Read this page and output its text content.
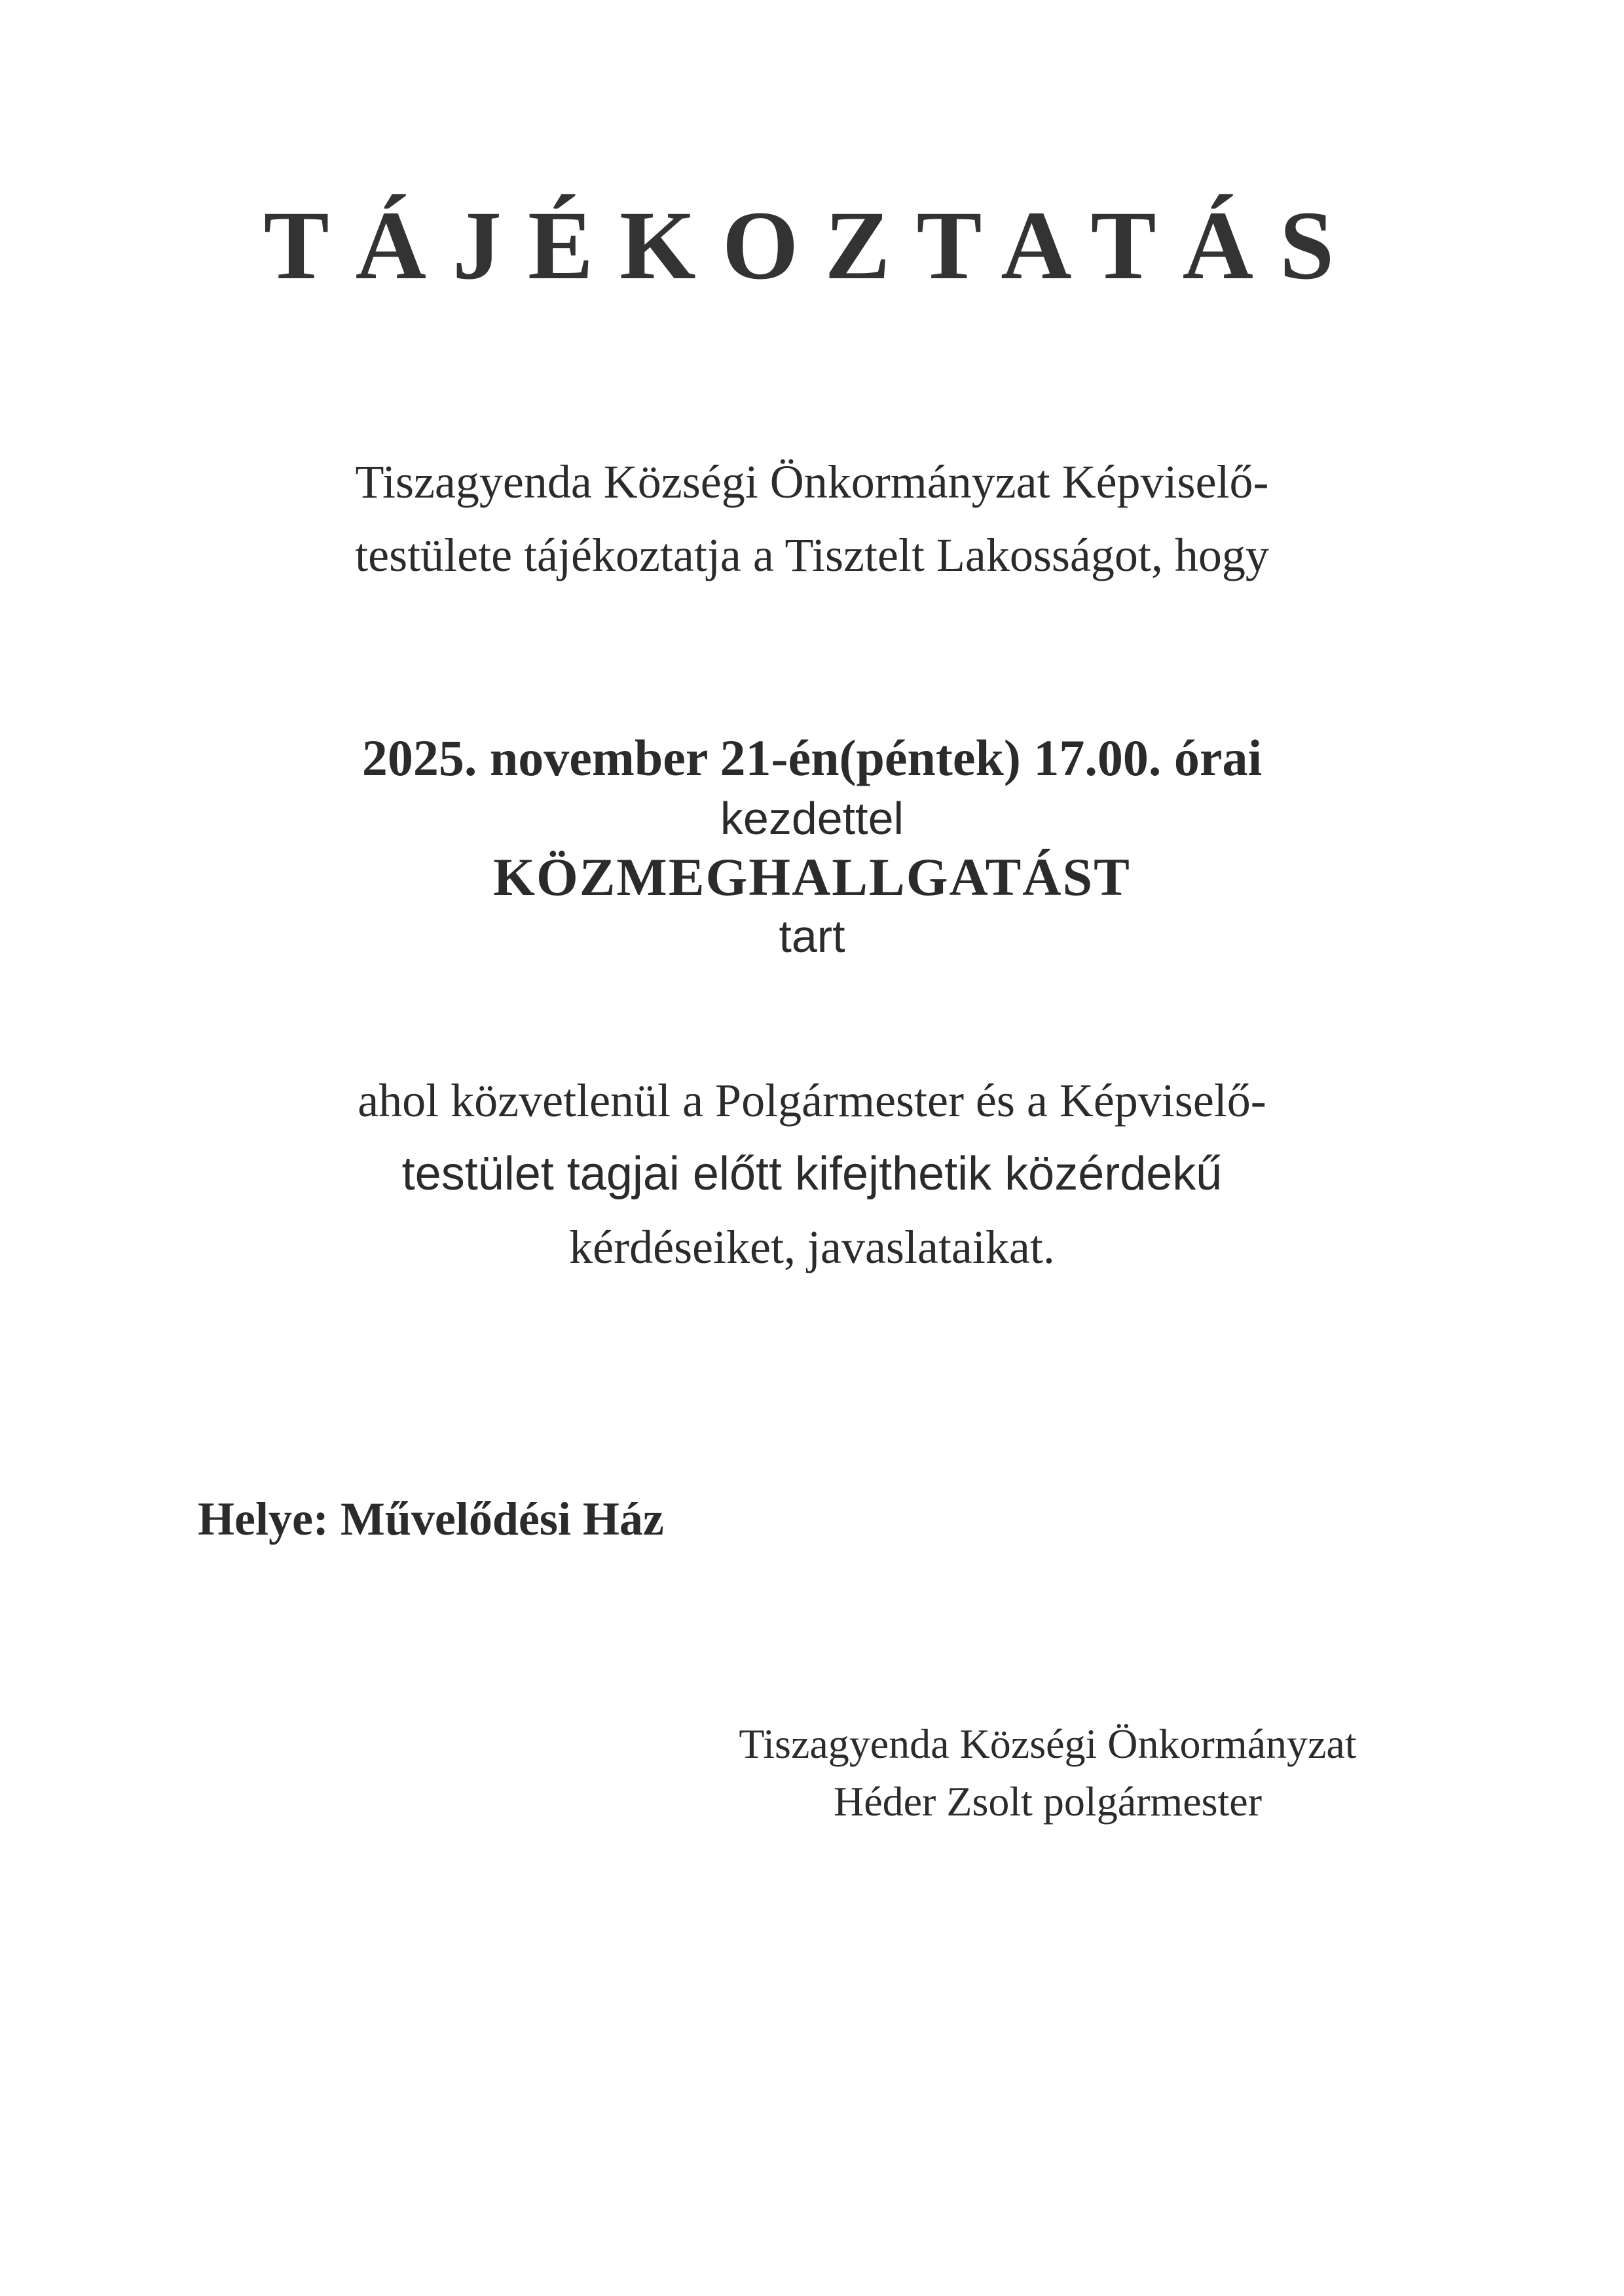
TÁJÉKOZTATÁS
Tiszagyenda Községi Önkormányzat Képviselő-
testülete tájékoztatja a Tisztelt Lakosságot, hogy
2025. november 21-én(péntek) 17.00. órai
kezdettel
KÖZMEGHALLGATÁST
tart
ahol közvetlenül a Polgármester és a Képviselő-
testület tagjai előtt kifejthetik közérdekű
kérdéseiket, javaslataikat.
Helye: Művelődési Ház
Tiszagyenda Községi Önkormányzat
Héder Zsolt polgármester
